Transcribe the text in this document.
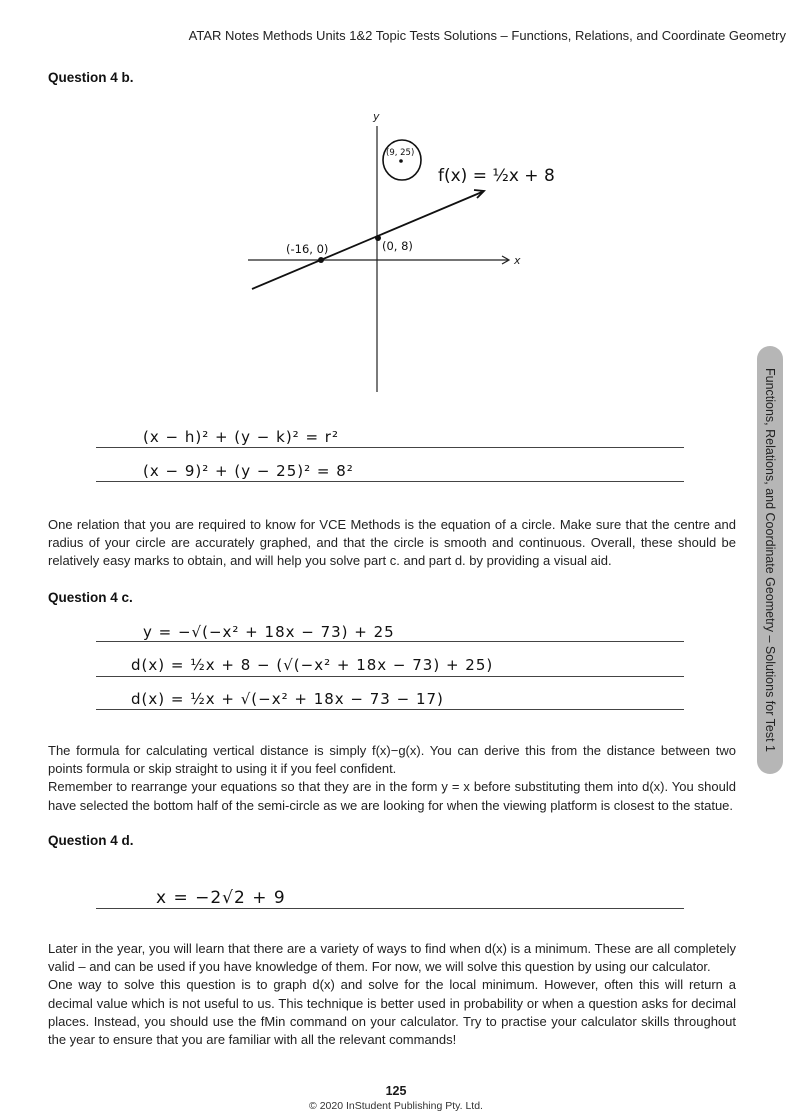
ATAR Notes Methods Units 1&2 Topic Tests Solutions – Functions, Relations, and Coordinate Geometry
Question 4 b.
y
x
(9, 25)
f(x) = ½x + 8
(-16, 0)	(0, 8)
(x − h)² + (y − k)² = r²
(x − 9)² + (y − 25)² = 8²

One relation that you are required to know for VCE Methods is the equation of a circle. Make sure that the centre and radius of your circle are accurately graphed, and that the circle is smooth and continuous. Overall, these should be relatively easy marks to obtain, and will help you solve part c. and part d. by providing a visual aid.

Question 4 c.
y = −√(−x² + 18x − 73) + 25
d(x) = ½x + 8 − (√(−x² + 18x − 73) + 25)
d(x) = ½x + √(−x² + 18x − 73 − 17)

The formula for calculating vertical distance is simply f(x)−g(x). You can derive this from the distance between two points formula or skip straight to using it if you feel confident.

Remember to rearrange your equations so that they are in the form y = x before substituting them into d(x). You should have selected the bottom half of the semi-circle as we are looking for when the viewing platform is closest to the statue.

Question 4 d.
x = −2√2 + 9

Later in the year, you will learn that there are a variety of ways to find when d(x) is a minimum. These are all completely valid – and can be used if you have knowledge of them. For now, we will solve this question by using our calculator.

One way to solve this question is to graph d(x) and solve for the local minimum. However, often this will return a decimal value which is not useful to us. This technique is better used in probability or when a question asks for decimal places. Instead, you should use the fMin command on your calculator. Try to practise your calculator skills throughout the year to ensure that you are familiar with all the relevant commands!

Functions, Relations, and Coordinate Geometry – Solutions for Test 1
125
© 2020 InStudent Publishing Pty. Ltd.
